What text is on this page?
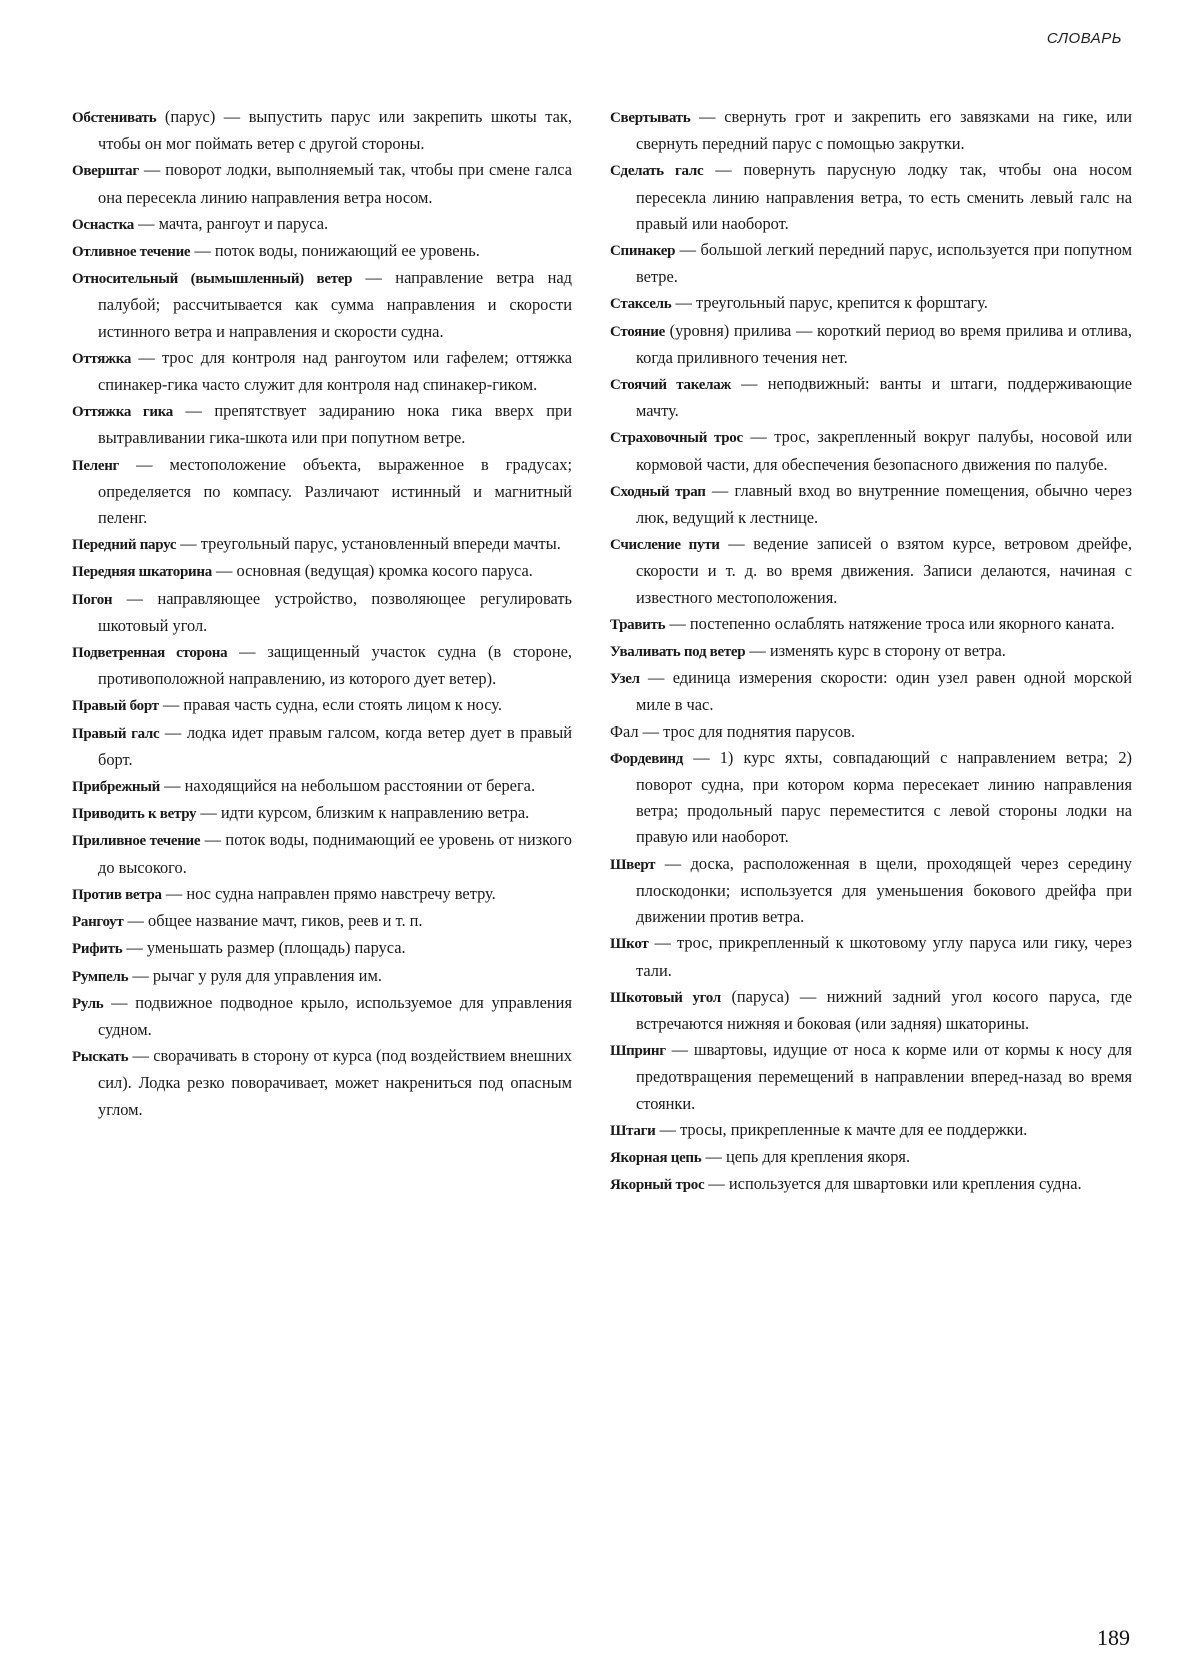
СЛОВАРЬ

Обстенивать (парус) — выпустить парус или закрепить шкоты так, чтобы он мог поймать ветер с другой стороны.

Оверштаг — поворот лодки, выполняемый так, чтобы при смене галса она пересекла линию направления ветра носом.

Оснастка — мачта, рангоут и паруса.

Отливное течение — поток воды, понижающий ее уровень.

Относительный (вымышленный) ветер — направление ветра над палубой; рассчитывается как сумма направления и скорости истинного ветра и направления и скорости судна.

Оттяжка — трос для контроля над рангоутом или гафелем; оттяжка спинакер-гика часто служит для контроля над спинакер-гиком.

Оттяжка гика — препятствует задиранию нока гика вверх при вытравливании гика-шкота или при попутном ветре.

Пеленг — местоположение объекта, выраженное в градусах; определяется по компасу. Различают истинный и магнитный пеленг.

Передний парус — треугольный парус, установленный впереди мачты.

Передняя шкаторина — основная (ведущая) кромка косого паруса.

Погон — направляющее устройство, позволяющее регулировать шкотовый угол.

Подветренная сторона — защищенный участок судна (в стороне, противоположной направлению, из которого дует ветер).

Правый борт — правая часть судна, если стоять лицом к носу.

Правый галс — лодка идет правым галсом, когда ветер дует в правый борт.

Прибрежный — находящийся на небольшом расстоянии от берега.

Приводить к ветру — идти курсом, близким к направлению ветра.

Приливное течение — поток воды, поднимающий ее уровень от низкого до высокого.

Против ветра — нос судна направлен прямо навстречу ветру.

Рангоут — общее название мачт, гиков, реев и т. п.

Рифить — уменьшать размер (площадь) паруса.

Румпель — рычаг у руля для управления им.

Руль — подвижное подводное крыло, используемое для управления судном.

Рыскать — сворачивать в сторону от курса (под воздействием внешних сил). Лодка резко поворачивает, может накрениться под опасным углом.

Свертывать — свернуть грот и закрепить его завязками на гике, или свернуть передний парус с помощью закрутки.

Сделать галс — повернуть парусную лодку так, чтобы она носом пересекла линию направления ветра, то есть сменить левый галс на правый или наоборот.

Спинакер — большой легкий передний парус, используется при попутном ветре.

Стаксель — треугольный парус, крепится к форштагу.

Стояние (уровня) прилива — короткий период во время прилива и отлива, когда приливного течения нет.

Стоячий такелаж — неподвижный: ванты и штаги, поддерживающие мачту.

Страховочный трос — трос, закрепленный вокруг палубы, носовой или кормовой части, для обеспечения безопасного движения по палубе.

Сходный трап — главный вход во внутренние помещения, обычно через люк, ведущий к лестнице.

Счисление пути — ведение записей о взятом курсе, ветровом дрейфе, скорости и т. д. во время движения. Записи делаются, начиная с известного местоположения.

Травить — постепенно ослаблять натяжение троса или якорного каната.

Уваливать под ветер — изменять курс в сторону от ветра.

Узел — единица измерения скорости: один узел равен одной морской миле в час.

Фал — трос для поднятия парусов.

Фордевинд — 1) курс яхты, совпадающий с направлением ветра; 2) поворот судна, при котором корма пересекает линию направления ветра; продольный парус переместится с левой стороны лодки на правую или наоборот.

Шверт — доска, расположенная в щели, проходящей через середину плоскодонки; используется для уменьшения бокового дрейфа при движении против ветра.

Шкот — трос, прикрепленный к шкотовому углу паруса или гику, через тали.

Шкотовый угол (паруса) — нижний задний угол косого паруса, где встречаются нижняя и боковая (или задняя) шкаторины.

Шпринг — швартовы, идущие от носа к корме или от кормы к носу для предотвращения перемещений в направлении вперед-назад во время стоянки.

Штаги — тросы, прикрепленные к мачте для ее поддержки.

Якорная цепь — цепь для крепления якоря.

Якорный трос — используется для швартовки или крепления судна.

189
